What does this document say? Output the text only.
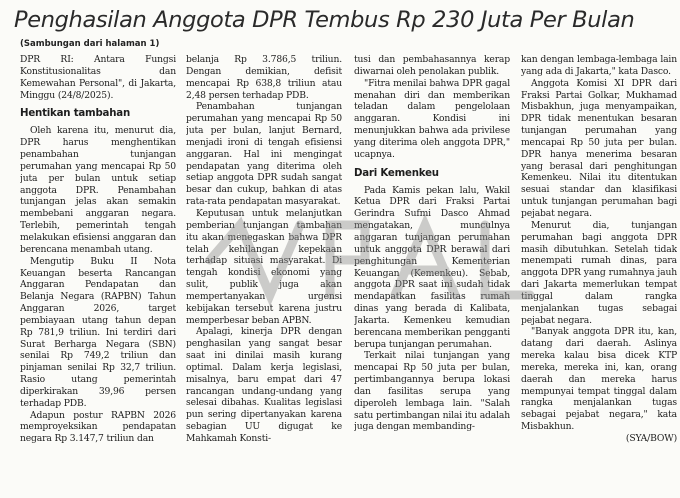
Penghasilan Anggota DPR Tembus Rp 230 Juta Per Bulan
(Sambungan dari halaman 1)

DPR RI: Antara Fungsi Konstitusionalitas dan Kemewahan Personal", di Jakarta, Minggu (24/8/2025).

Hentikan tambahan

Oleh karena itu, menurut dia, DPR harus menghentikan penambahan tunjangan perumahan yang mencapai Rp 50 juta per bulan untuk setiap anggota DPR. Penambahan tunjangan jelas akan semakin membebani anggaran negara. Terlebih, pemerintah tengah melakukan efisiensi anggaran dan berencana menambah utang.

Mengutip Buku II Nota Keuangan beserta Rancangan Anggaran Pendapatan dan Belanja Negara (RAPBN) Tahun Anggaran 2026, target pembiayaan utang tahun depan Rp 781,9 triliun. Ini terdiri dari Surat Berharga Negara (SBN) senilai Rp 749,2 triliun dan pinjaman senilai Rp 32,7 triliun. Rasio utang pemerintah diperkirakan 39,96 persen terhadap PDB.

Adapun postur RAPBN 2026 memproyeksikan pendapatan negara Rp 3.147,7 triliun dan

belanja Rp 3.786,5 triliun. Dengan demikian, defisit mencapai Rp 638,8 triliun atau 2,48 persen terhadap PDB.

Penambahan tunjangan perumahan yang mencapai Rp 50 juta per bulan, lanjut Bernard, menjadi ironi di tengah efisiensi anggaran. Hal ini mengingat pendapatan yang diterima oleh setiap anggota DPR sudah sangat besar dan cukup, bahkan di atas rata-rata pendapatan masyarakat.

Keputusan untuk melanjutkan pemberian tunjangan tambahan itu akan menegaskan bahwa DPR telah kehilangan kepekaan terhadap situasi masyarakat. Di tengah kondisi ekonomi yang sulit, publik juga akan mempertanyakan urgensi kebijakan tersebut karena justru memperbesar beban APBN.

Apalagi, kinerja DPR dengan penghasilan yang sangat besar saat ini dinilai masih kurang optimal. Dalam kerja legislasi, misalnya, baru empat dari 47 rancangan undang-undang yang selesai dibahas. Kualitas legislasi pun sering dipertanyakan karena sebagian UU digugat ke Mahkamah Konsti-

tusi dan pembahasannya kerap diwarnai oleh penolakan publik.

"Fitra menilai bahwa DPR gagal menahan diri dan memberikan teladan dalam pengelolaan anggaran. Kondisi ini menunjukkan bahwa ada privilese yang diterima oleh anggota DPR," ucapnya.

Dari Kemenkeu

Pada Kamis pekan lalu, Wakil Ketua DPR dari Fraksi Partai Gerindra Sufmi Dasco Ahmad mengatakan, munculnya anggaran tunjangan perumahan untuk anggota DPR berawal dari penghitungan Kementerian Keuangan (Kemenkeu). Sebab, anggota DPR saat ini sudah tidak mendapatkan fasilitas rumah dinas yang berada di Kalibata, Jakarta. Kemenkeu kemudian berencana memberikan pengganti berupa tunjangan perumahan.

Terkait nilai tunjangan yang mencapai Rp 50 juta per bulan, pertimbangannya berupa lokasi dan fasilitas serupa yang diperoleh lembaga lain. "Salah satu pertimbangan nilai itu adalah juga dengan membanding-

kan dengan lembaga-lembaga lain yang ada di Jakarta," kata Dasco.

Anggota Komisi XI DPR dari Fraksi Partai Golkar, Mukhamad Misbakhun, juga menyampaikan, DPR tidak menentukan besaran tunjangan perumahan yang mencapai Rp 50 juta per bulan. DPR hanya menerima besaran yang berasal dari penghitungan Kemenkeu. Nilai itu ditentukan sesuai standar dan klasifikasi untuk tunjangan perumahan bagi pejabat negara.

Menurut dia, tunjangan perumahan bagi anggota DPR masih dibutuhkan. Setelah tidak menempati rumah dinas, para anggota DPR yang rumahnya jauh dari Jakarta memerlukan tempat tinggal dalam rangka menjalankan tugas sebagai pejabat negara.

"Banyak anggota DPR itu, kan, datang dari daerah. Aslinya mereka kalau bisa dicek KTP mereka, mereka ini, kan, orang daerah dan mereka harus mempunyai tempat tinggal dalam rangka menjalankan tugas sebagai pejabat negara," kata Misbakhun.

(SYA/BOW)
